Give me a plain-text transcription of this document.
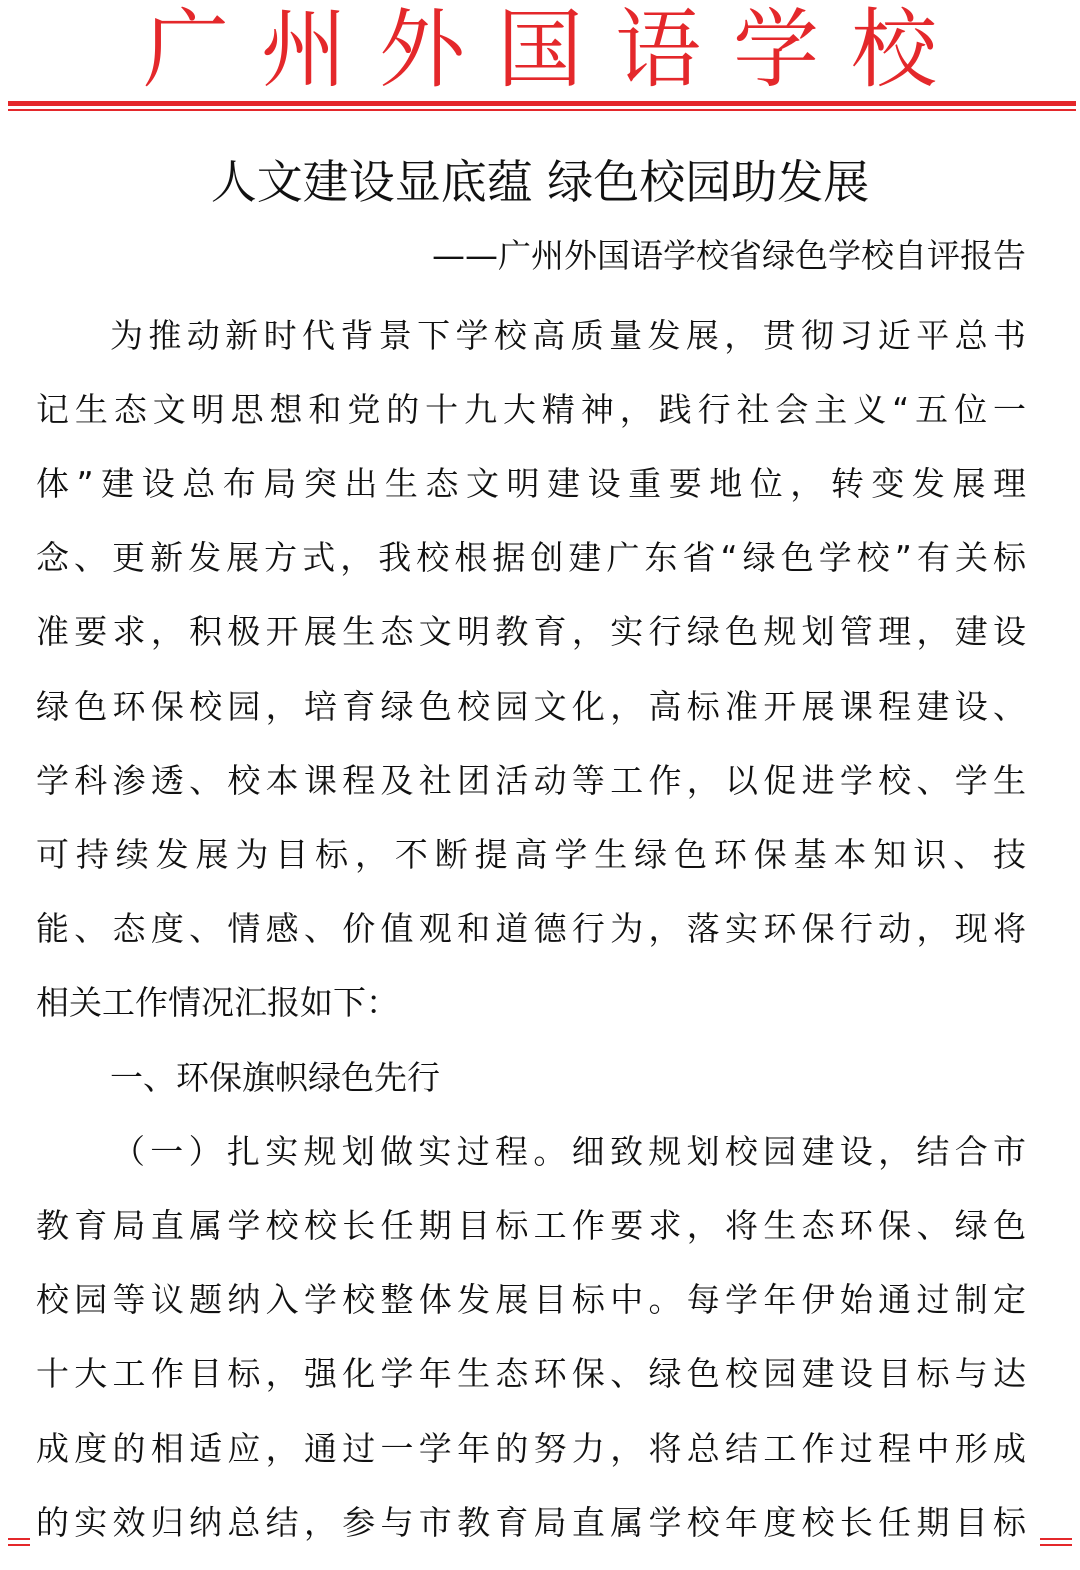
广州外国语学校
人文建设显底蕴 绿色校园助发展
——广州外国语学校省绿色学校自评报告
为推动新时代背景下学校高质量发展，贯彻习近平总书
记生态文明思想和党的十九大精神，践行社会主义“五位一
体”建设总布局突出生态文明建设重要地位，转变发展理
念、更新发展方式，我校根据创建广东省“绿色学校”有关标
准要求，积极开展生态文明教育，实行绿色规划管理，建设
绿色环保校园，培育绿色校园文化，高标准开展课程建设、
学科渗透、校本课程及社团活动等工作，以促进学校、学生
可持续发展为目标，不断提高学生绿色环保基本知识、技
能、态度、情感、价值观和道德行为，落实环保行动，现将
相关工作情况汇报如下：
一、环保旗帜绿色先行
（一）扎实规划做实过程。细致规划校园建设，结合市
教育局直属学校校长任期目标工作要求，将生态环保、绿色
校园等议题纳入学校整体发展目标中。每学年伊始通过制定
十大工作目标，强化学年生态环保、绿色校园建设目标与达
成度的相适应，通过一学年的努力，将总结工作过程中形成
的实效归纳总结，参与市教育局直属学校年度校长任期目标
